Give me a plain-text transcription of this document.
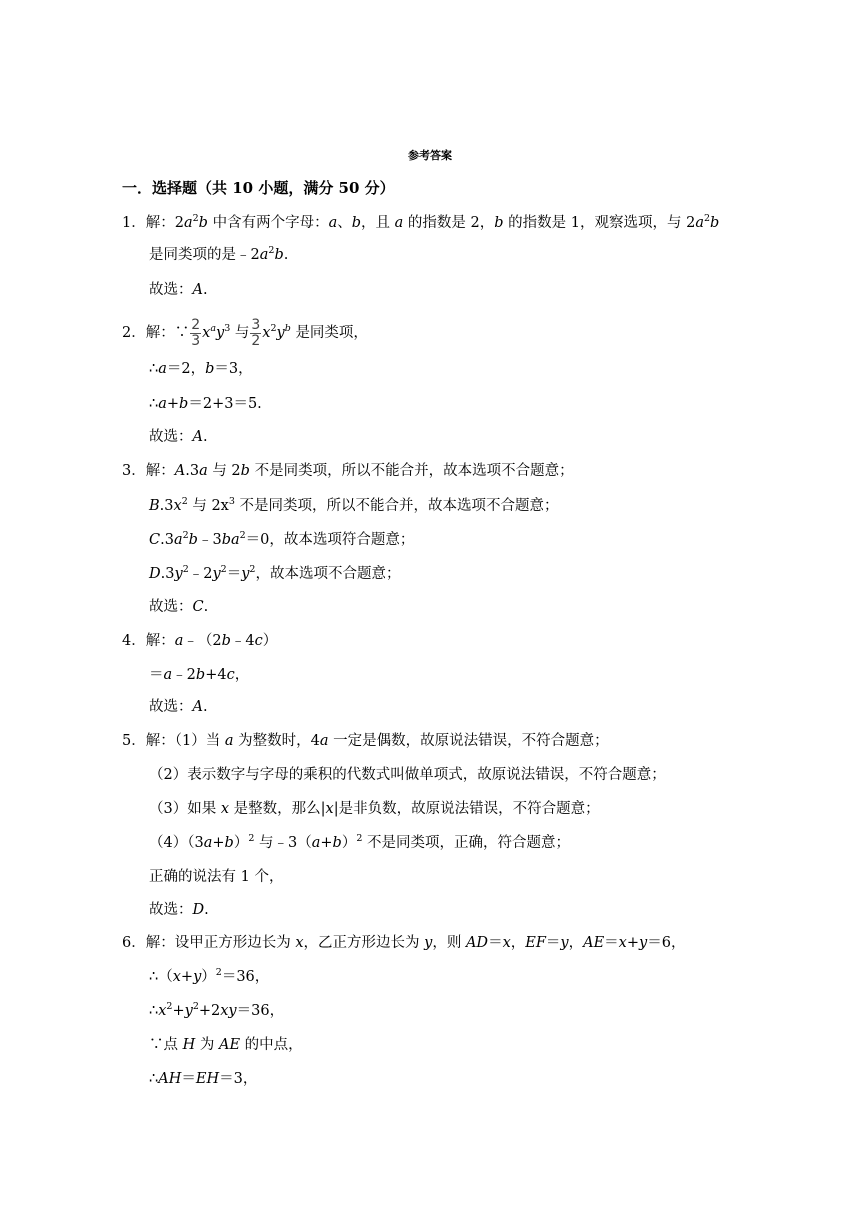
参考答案
一．选择题（共 10 小题，满分 50 分）
1．解：$2a^2b$ 中含有两个字母：a、b，且 a 的指数是 2，b 的指数是 1，观察选项，与 $2a^2b$
是同类项的是$﹣2a^2b$.
故选：A.
2．解：∵ $\frac{2}{3} x^ay^3$ 与 $\frac{3}{2} x^2y^b$ 是同类项，
∴a＝2，b＝3，
∴a+b＝2+3＝5.
故选：A.
3．解：A.3a 与 2b 不是同类项，所以不能合并，故本选项不合题意；
$B.3x^2$ 与 $2x^3$ 不是同类项，所以不能合并，故本选项不合题意；
$C.3a^2b﹣3ba^2=0$，故本选项符合题意；
$D.3y^2﹣2y^2=y^2$，故本选项不合题意；
故选：C.
4．解：a﹣（2b﹣4c）
＝a﹣2b+4c，
故选：A.
5．解：（1）当 a 为整数时，4a 一定是偶数，故原说法错误，不符合题意；
（2）表示数字与字母的乘积的代数式叫做单项式，故原说法错误，不符合题意；
（3）如果 x 是整数，那么|x|是非负数，故原说法错误，不符合题意；
$(4)(3a+b)^2$ 与$﹣3(a+b)^2$ 不是同类项，正确，符合题意；
正确的说法有 1 个，
故选：D.
6．解：设甲正方形边长为 x，乙正方形边长为 y，则 AD＝x，EF＝y，AE＝x+y＝6，
$\therefore(x+y)^2=36$，
$\therefore x^2+y^2+2xy=36$，
∵点 H 为 AE 的中点，
∴AH＝EH＝3，
